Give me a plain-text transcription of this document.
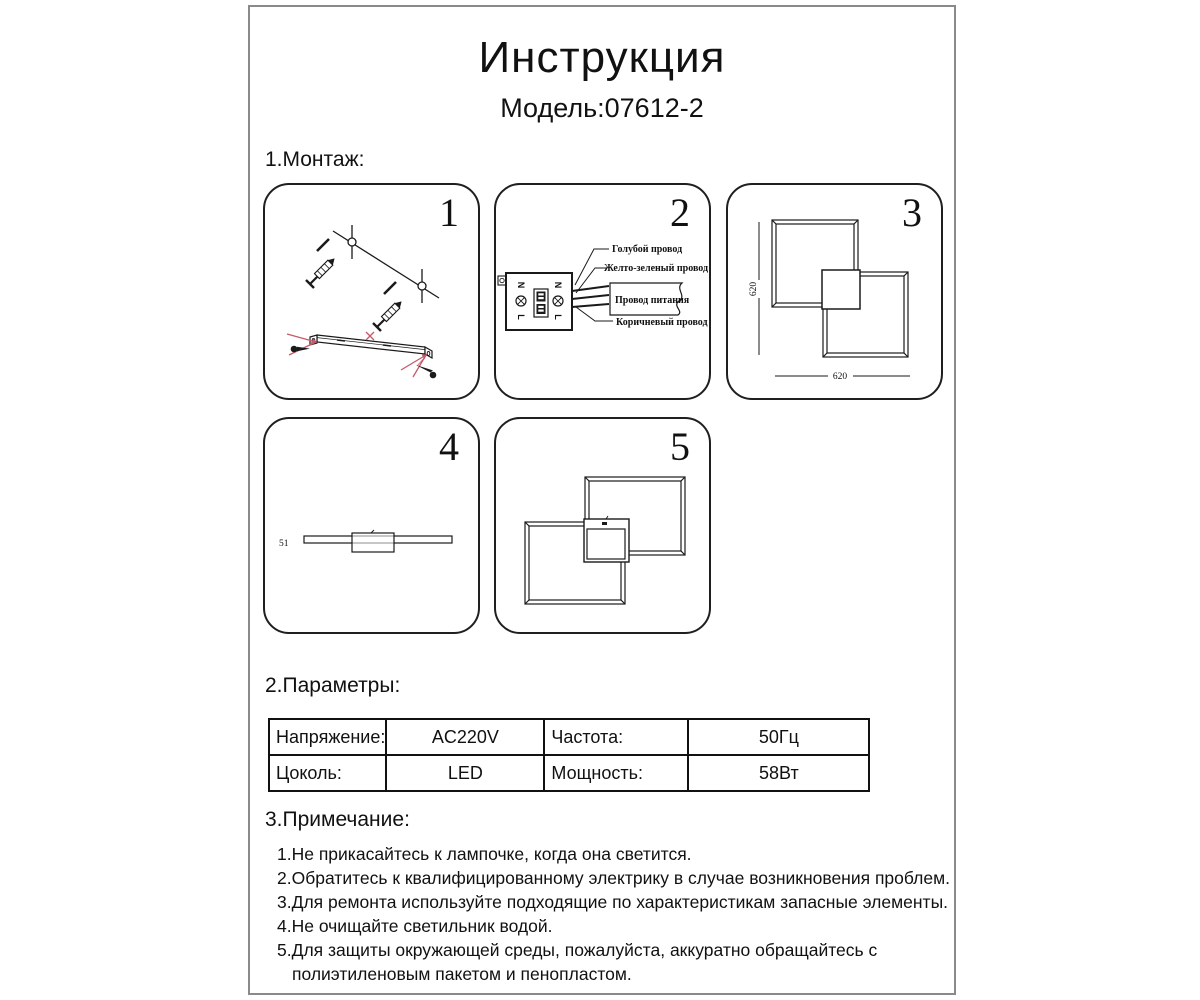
Инструкция
Модель:07612-2
1.Монтаж:
1
N
L
N
L
Голубой провод
Желто-зеленый провод
Провод питания
Коричневый провод
2
620
620
3
51
4	5
2.Параметры:
Напряжение:	AC220V	Частота:	50Гц
Цоколь:	LED	Мощность:	58Вт
3.Примечание:
1.Не прикасайтесь к лампочке, когда она светится.
2.Обратитесь к квалифицированному электрику в случае возникновения проблем.
3.Для ремонта используйте подходящие по характеристикам запасные элементы.
4.Не очищайте светильник водой.
5.Для защиты окружающей среды, пожалуйста, аккуратно обращайтесь с
полиэтиленовым пакетом и пенопластом.
